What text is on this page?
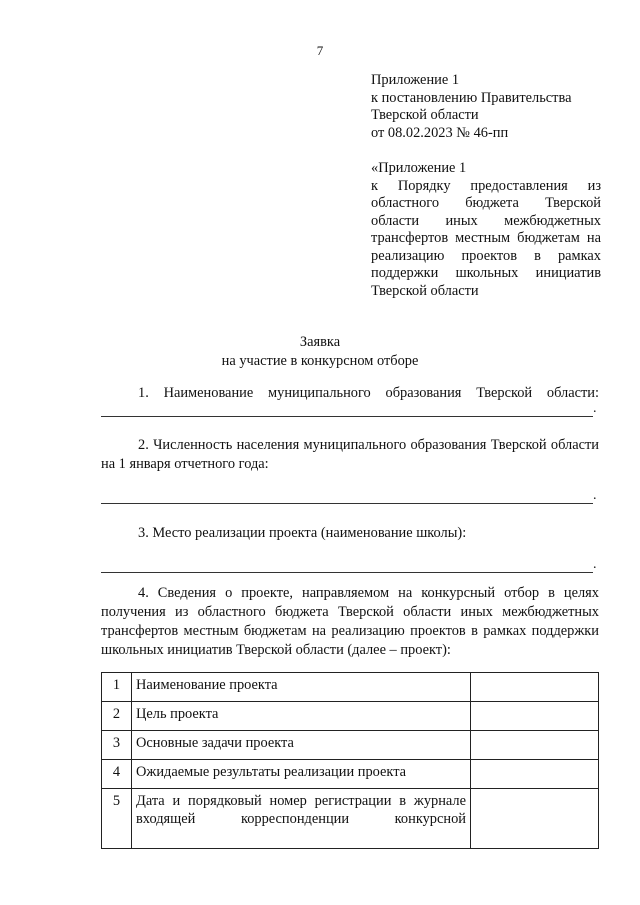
7
Приложение 1
к постановлению Правительства
Тверской области
от 08.02.2023 № 46-пп
«Приложение 1
к Порядку предоставления из
областного бюджета Тверской
области иных межбюджетных
трансфертов местным бюджетам на
реализацию проектов в рамках
поддержки школьных инициатив
Тверской области
Заявка
на участие в конкурсном отборе
1. Наименование муниципального образования Тверской области:
.
2. Численность населения муниципального образования Тверской области на 1 января отчетного года:
.
3. Место реализации проекта (наименование школы):
.
4. Сведения о проекте, направляемом на конкурсный отбор в целях получения из областного бюджета Тверской области иных межбюджетных трансфертов местным бюджетам на реализацию проектов в рамках поддержки школьных инициатив Тверской области (далее – проект):
1	Наименование проекта	
2	Цель проекта	
3	Основные задачи проекта	
4	Ожидаемые результаты реализации проекта	
5	Дата и порядковый номер регистрации в журнале входящей корреспонденции конкурсной	
